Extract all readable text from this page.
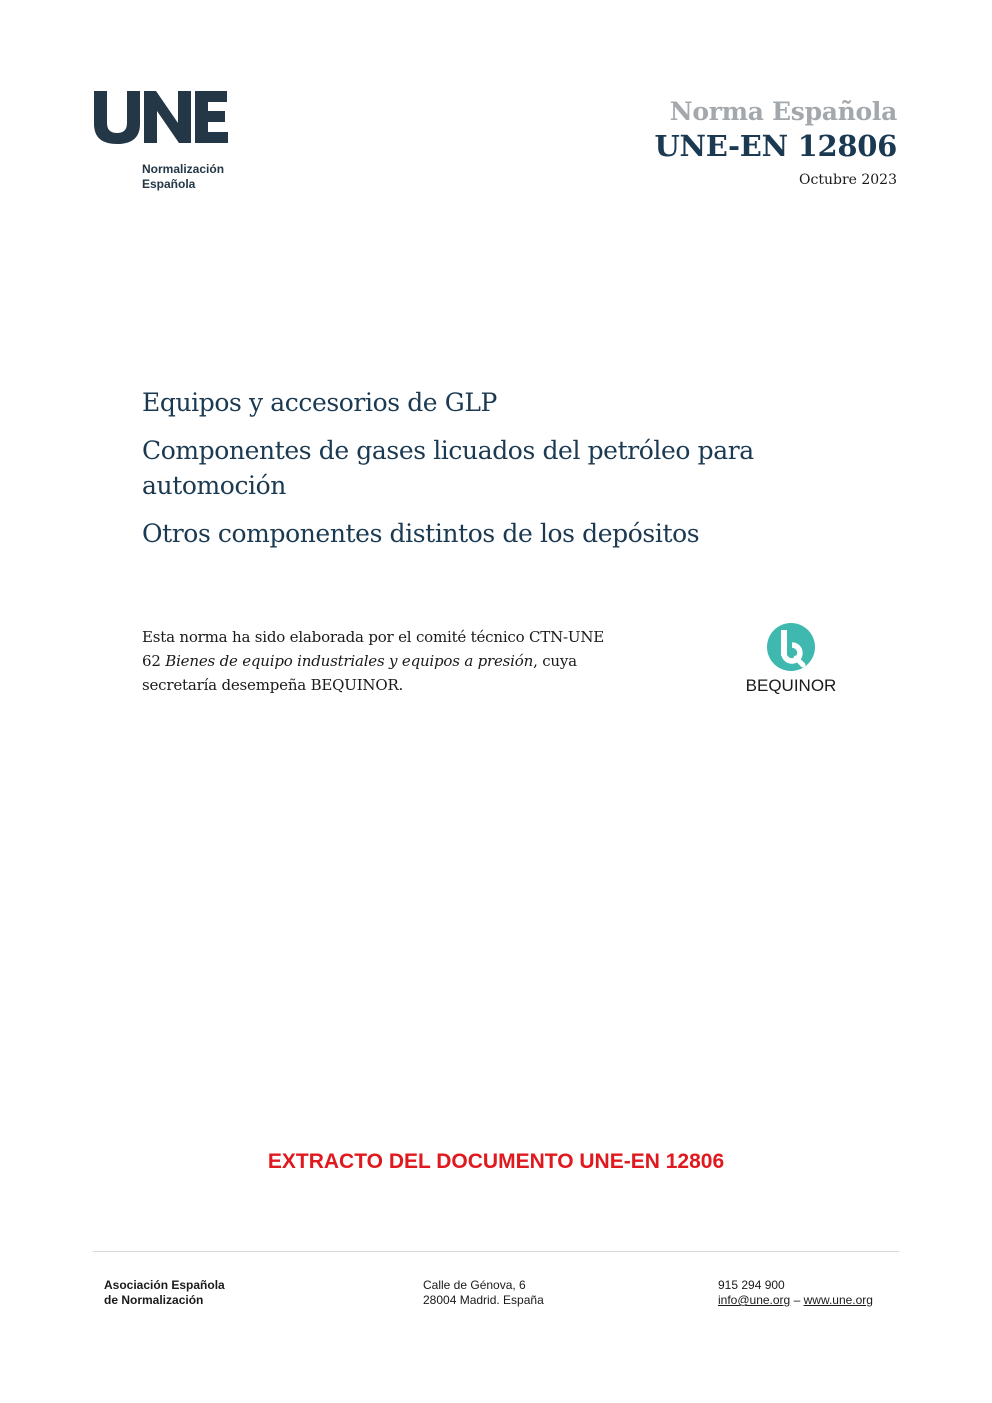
Normalización
Española
Norma Española
UNE-EN 12806
Octubre 2023
Equipos y accesorios de GLP
Componentes de gases licuados del petróleo para automoción
Otros componentes distintos de los depósitos
Esta norma ha sido elaborada por el comité técnico CTN-UNE 62 Bienes de equipo industriales y equipos a presión, cuya secretaría desempeña BEQUINOR.	BEQUINOR
EXTRACTO DEL DOCUMENTO UNE-EN 12806
Asociación Española
de Normalización
Calle de Génova, 6
28004 Madrid. España
915 294 900
info@une.org – www.une.org
